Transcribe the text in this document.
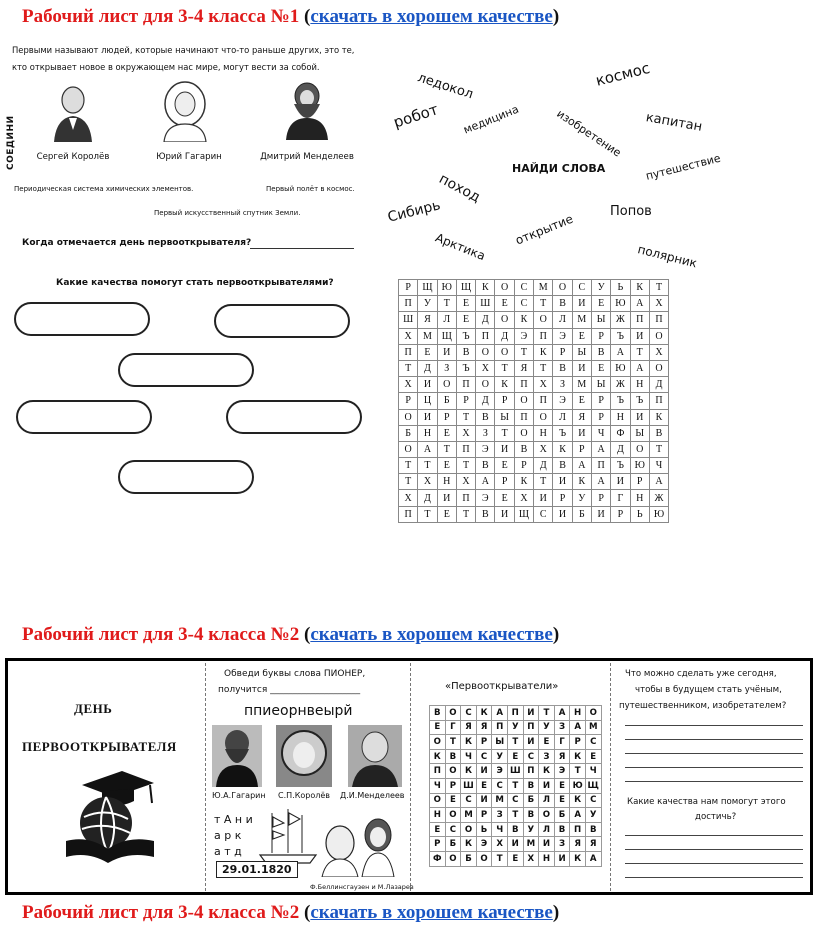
Рабочий лист для 3-4 класса №1 (скачать в хорошем качестве)
Первыми называют людей, которые начинают что-то раньше других, это те, кто открывает новое в окружающем нас мире, могут вести за собой.
СОЕДИНИ	Сергей Королёв	Юрий Гагарин	Дмитрий Менделеев
Периодическая система химических элементов.	Первый полёт в космос.
Первый искусственный спутник Земли.
Когда отмечается день первооткрывателя?
Какие качества помогут стать первооткрывателями?
ледокол	космос
робот медицина	изобретение капитан
поход
путешествие
НАЙДИ СЛОВА
Сибирь
открытие
Попов
Арктика	полярник
Р	Щ	Ю	Щ	К	О	С	М	О	С	У	Ь	К	Т
П	У	Т	Е	Ш	Е	С	Т	В	И	Е	Ю	А	Х
Ш	Я	Л	Е	Д	О	К	О	Л	М	Ы	Ж	П	П
Х	М	Щ	Ъ	П	Д	Э	П	Э	Е	Р	Ъ	И	О
П	Е	И	В	О	О	Т	К	Р	Ы	В	А	Т	Х
Т	Д	З	Ъ	Х	Т	Я	Т	В	И	Е	Ю	А	О
Х	И	О	П	О	К	П	Х	З	М	Ы	Ж	Н	Д
Р	Ц	Б	Р	Д	Р	О	П	Э	Е	Р	Ъ	Ъ	П
О	И	Р	Т	В	Ы	П	О	Л	Я	Р	Н	И	К
Б	Н	Е	Х	З	Т	О	Н	Ъ	И	Ч	Ф	Ы	В
О	А	Т	П	Э	И	В	Х	К	Р	А	Д	О	Т
Т	Т	Е	Т	В	Е	Р	Д	В	А	П	Ъ	Ю	Ч
Т	Х	Н	Х	А	Р	К	Т	И	К	А	И	Р	А
Х	Д	И	П	Э	Е	Х	И	Р	У	Р	Г	Н	Ж
П	Т	Е	Т	В	И	Щ	С	И	Б	И	Р	Ь	Ю
Рабочий лист для 3-4 класса №2 (скачать в хорошем качестве)
ДЕНЬ
ПЕРВООТКРЫВАТЕЛЯ
Обведи буквы слова ПИОНЕР,
получится ____________________
ппиеорнвеырй
Ю.А.Гагарин С.П.Королёв Д.И.Менделеев
т А н и
а р к
а т д
29.01.1820
Ф.Беллинсгаузен и М.Лазарев
«Первооткрыватели»
В	О	С	К	А	П	И	Т	А	Н	О
Е	Г	Я	Я	П	У	П	У	З	А	М
О	Т	К	Р	Ы	Т	И	Е	Г	Р	С
К	В	Ч	С	У	Е	С	З	Я	К	Е
П	О	К	И	Э	Ш	П	К	Э	Т	Ч
Ч	Р	Ш	Е	С	Т	В	И	Е	Ю	Щ
О	Е	С	И	М	С	Б	Л	Е	К	С
Н	О	М	Р	З	Т	В	О	Б	А	У
Е	С	О	Ь	Ч	В	У	Л	В	П	В
Р	Б	К	Э	Х	И	М	И	З	Я	Я
Ф	О	Б	О	Т	Е	Х	Н	И	К	А
Что можно сделать уже сегодня,
чтобы в будущем стать учёным,
путешественником, изобретателем?
Какие качества нам помогут этого
достичь?
Рабочий лист для 3-4 класса №2 (скачать в хорошем качестве)
